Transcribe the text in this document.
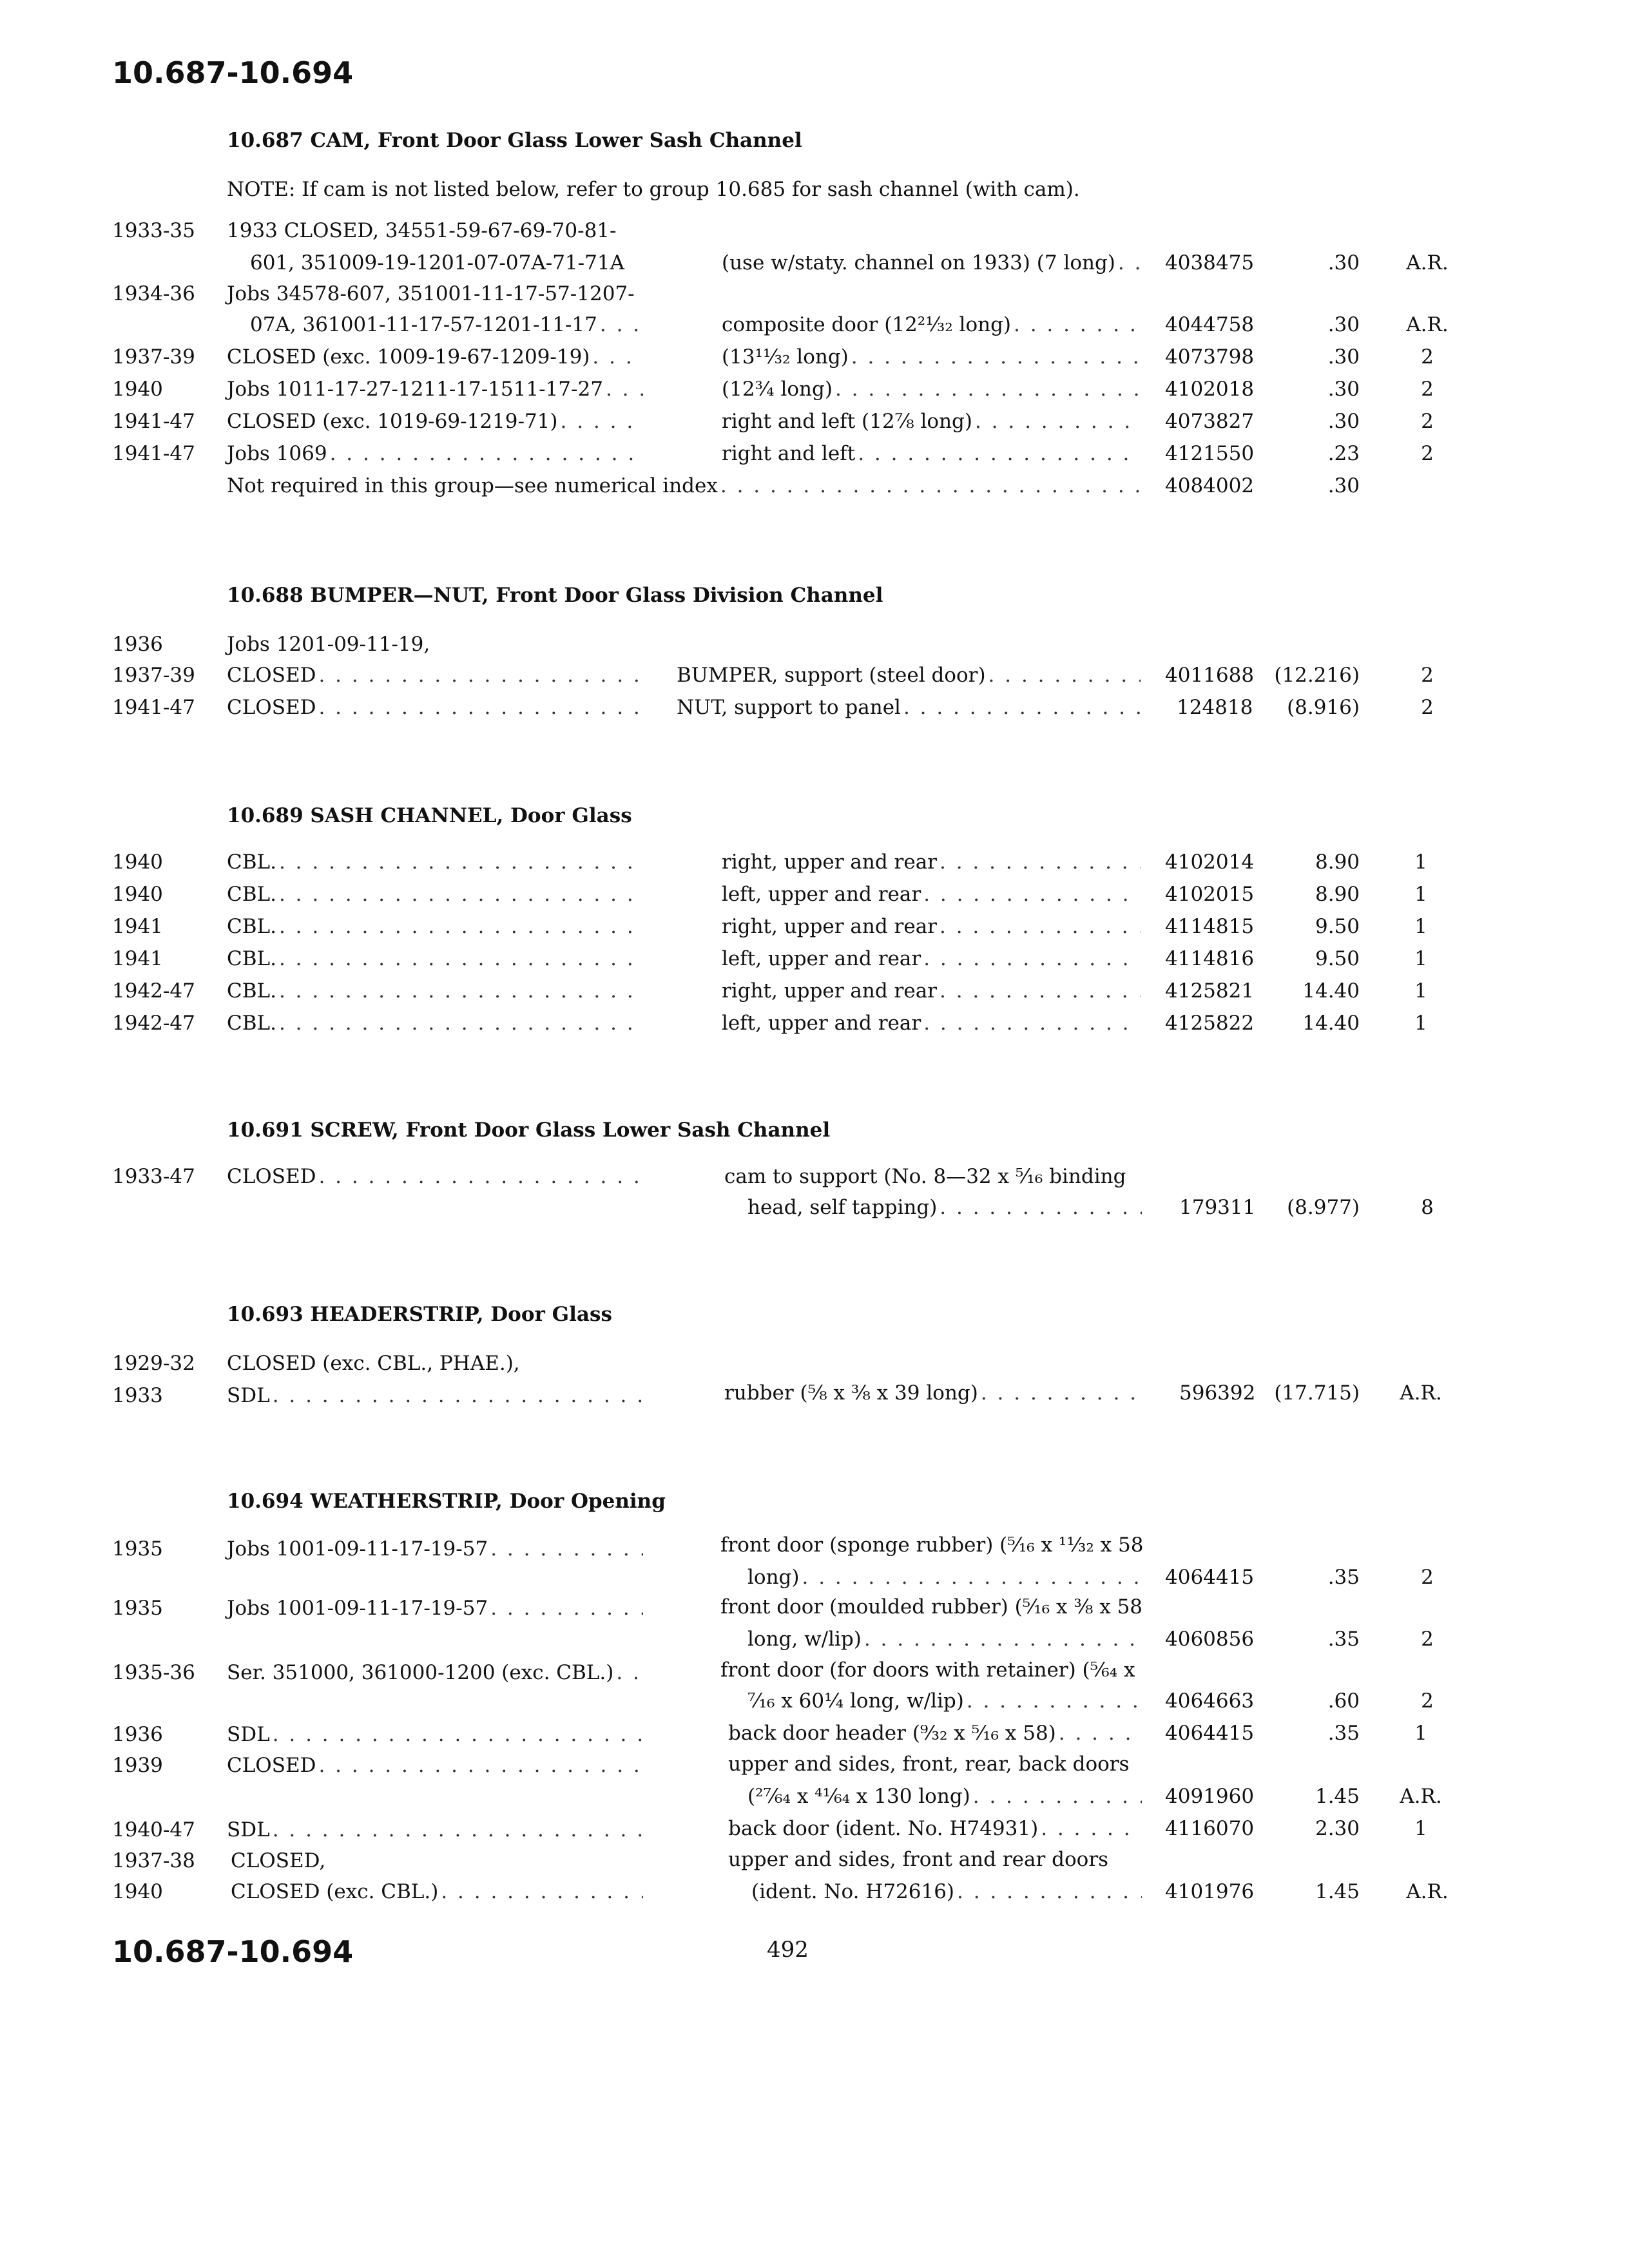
10.687-10.694
10.687 CAM, Front Door Glass Lower Sash Channel
NOTE: If cam is not listed below, refer to group 10.685 for sash channel (with cam).
1933-35 1933 CLOSED, 34551-59-67-69-70-81-
601, 351009-19-1201-07-07A-71-71A	(use w/staty. channel on 1933) (7 long) . . . 4038475	.30	A.R.
1934-36 Jobs 34578-607, 351001-11-17-57-1207-
07A, 361001-11-17-57-1201-11-17 . . .	composite door (12²¹⁄₃₂ long) . . .	4044758	.30	A.R.
1937-39 CLOSED (exc. 1009-19-67-1209-19) . . .	(13¹¹⁄₃₂ long) . . .	4073798	.30	2
1940	Jobs 1011-17-27-1211-17-1511-17-27 . . .	(12¾ long) . . .	4102018	.30	2
1941-47 CLOSED (exc. 1019-69-1219-71) . . .	right and left (12⅞ long) . . .	4073827	.30	2
1941-47 Jobs 1069 . . .	right and left . . .	4121550	.23	2
Not required in this group—see numerical index . . .	4084002	.30
10.688 BUMPER—NUT, Front Door Glass Division Channel
1936	Jobs 1201-09-11-19,
1937-39 CLOSED . . .	BUMPER, support (steel door) . . .	4011688	(12.216)	2
1941-47 CLOSED . . .	NUT, support to panel . . .	124818	(8.916)	2
10.689 SASH CHANNEL, Door Glass
1940	CBL. . . .	right, upper and rear . . .	4102014	8.90	1
1940	CBL. . . .	left, upper and rear . . .	4102015	8.90	1
1941	CBL. . . .	right, upper and rear . . .	4114815	9.50	1
1941	CBL. . . .	left, upper and rear . . .	4114816	9.50	1
1942-47 CBL. . . .	right, upper and rear . . .	4125821	14.40	1
1942-47 CBL. . . .	left, upper and rear . . .	4125822	14.40	1
10.691 SCREW, Front Door Glass Lower Sash Channel
1933-47 CLOSED . . .	cam to support (No. 8—32 x ⁵⁄₁₆ binding
head, self tapping) . . .	179311	(8.977)	8
10.693 HEADERSTRIP, Door Glass
1929-32 CLOSED (exc. CBL., PHAE.),
1933	SDL . . .	rubber (⅝ x ⅜ x 39 long) . . .	596392 (17.715)	A.R.
10.694 WEATHERSTRIP, Door Opening
1935	Jobs 1001-09-11-17-19-57 . . .	front door (sponge rubber) (⁵⁄₁₆ x ¹¹⁄₃₂ x 58
long) . . .	4064415	.35	2
1935	Jobs 1001-09-11-17-19-57 . . .	front door (moulded rubber) (⁵⁄₁₆ x ⅜ x 58
long, w/lip) . . .	4060856	.35	2
1935-36 Ser. 351000, 361000-1200 (exc. CBL.) . . .	front door (for doors with retainer) (⁵⁄₆₄ x
⁷⁄₁₆ x 60¼ long, w/lip) . . .	4064663	.60	2
1936	SDL . . .	back door header (⁹⁄₃₂ x ⁵⁄₁₆ x 58) . . .	4064415	.35	1
1939	CLOSED . . .	upper and sides, front, rear, back doors
(²⁷⁄₆₄ x ⁴¹⁄₆₄ x 130 long) . . .	4091960	1.45	A.R.
1940-47 SDL . . .	back door (ident. No. H74931) . . .	4116070	2.30	1
1937-38 CLOSED,	upper and sides, front and rear doors
1940	CLOSED (exc. CBL.) . . .	(ident. No. H72616) . . .	4101976	1.45	A.R.
10.687-10.694	492
